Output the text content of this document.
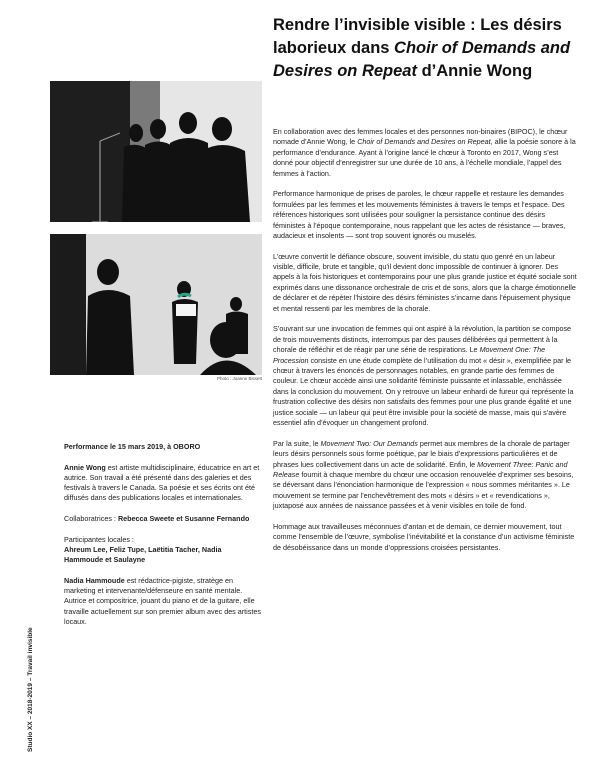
Rendre l’invisible visible : Les désirs laborieux dans Choir of Demands and Desires on Repeat d’Annie Wong
Photo : Joanne Bissett

En collaboration avec des femmes locales et des personnes non-binaires (BIPOC), le chœur nomade d’Annie Wong, le Choir of Demands and Desires on Repeat, allie la poésie sonore à la performance d’endurance. Ayant à l’origine lancé le chœur à Toronto en 2017, Wong s’est donné pour objectif d’enregistrer sur une durée de 10 ans, à l’échelle mondiale, l’appel des femmes à l’action.

Performance harmonique de prises de paroles, le chœur rappelle et restaure les demandes formulées par les femmes et les mouvements féministes à travers le temps et l’espace. Des références historiques sont utilisées pour souligner la persistance continue des désirs féministes à l’époque contemporaine, nous rappelant que les actes de résistance — braves, audacieux et insolents — sont trop souvent ignorés ou muselés.

L’œuvre convertit le défiance obscure, souvent invisible, du statu quo genré en un labeur visible, difficile, brute et tangible, qu’il devient donc impossible de continuer à ignorer. Des appels à la fois historiques et contemporains pour une plus grande justice et équité sociale sont exprimés dans une dissonance orchestrale de cris et de sons, alors que la charge émotionnelle de déclarer et de répéter l’histoire des désirs féministes s’incarne dans l’épuisement physique et mental ressenti par les membres de la chorale.

S’ouvrant sur une invocation de femmes qui ont aspiré à la révolution, la partition se compose de trois mouvements distincts, interrompus par des pauses délibérées qui permettent à la chorale de réfléchir et de réagir par une série de respirations. Le Movement One: The Procession consiste en une étude complète de l’utilisation du mot « désir », exemplifiée par le chœur à travers les énoncés de personnages notables, en grande partie des femmes de couleur. Le chœur accède ainsi une solidarité féministe puissante et inlassable, enchâssée dans la conclusion du mouvement. On y retrouve un labeur enhardi de fureur qui représente la frustration collective des désirs non satisfaits des femmes pour une plus grande égalité et une justice sociale — un labeur qui peut être invisible pour la société de masse, mais qui s’avère essentiel afin d’évoquer un changement profond.

Par la suite, le Movement Two: Our Demands permet aux membres de la chorale de partager leurs désirs personnels sous forme poétique, par le biais d’expressions particulières et de phrases lues collectivement dans un acte de solidarité. Enfin, le Movement Three: Panic and Release fournit à chaque membre du chœur une occasion renouvelée d’exprimer ses besoins, se déversant dans l’énonciation harmonique de l’expression « nous sommes méritantes ». Le mouvement se termine par l’enchevêtrement des mots « désirs » et « revendications », juxtaposé aux années de naissance passées et à venir visibles en toile de fond.

Hommage aux travailleuses méconnues d’antan et de demain, ce dernier mouvement, tout comme l’ensemble de l’œuvre, symbolise l’inévitabilité et la constance d’un activisme féministe de désobéissance dans un monde d’oppressions croisées persistantes.

Performance le 15 mars 2019, à OBORO

Annie Wong est artiste multidisciplinaire, éducatrice en art et autrice. Son travail a été présenté dans des galeries et des festivals à travers le Canada. Sa poésie et ses écrits ont été diffusés dans des publications locales et internationales.

Collaboratrices : Rebecca Sweete et Susanne Fernando

Participantes locales :
Ahreum Lee, Feliz Tupe, Laëtitia Tacher, Nadia Hammoude et Saulayne

Nadia Hammoude est rédactrice-pigiste, stratège en marketing et intervenante/défenseure en santé mentale. Autrice et compositrice, jouant du piano et de la guitare, elle travaille actuellement sur son premier album avec des artistes locaux.

Studio XX – 2018-2019 – Travail invisible
